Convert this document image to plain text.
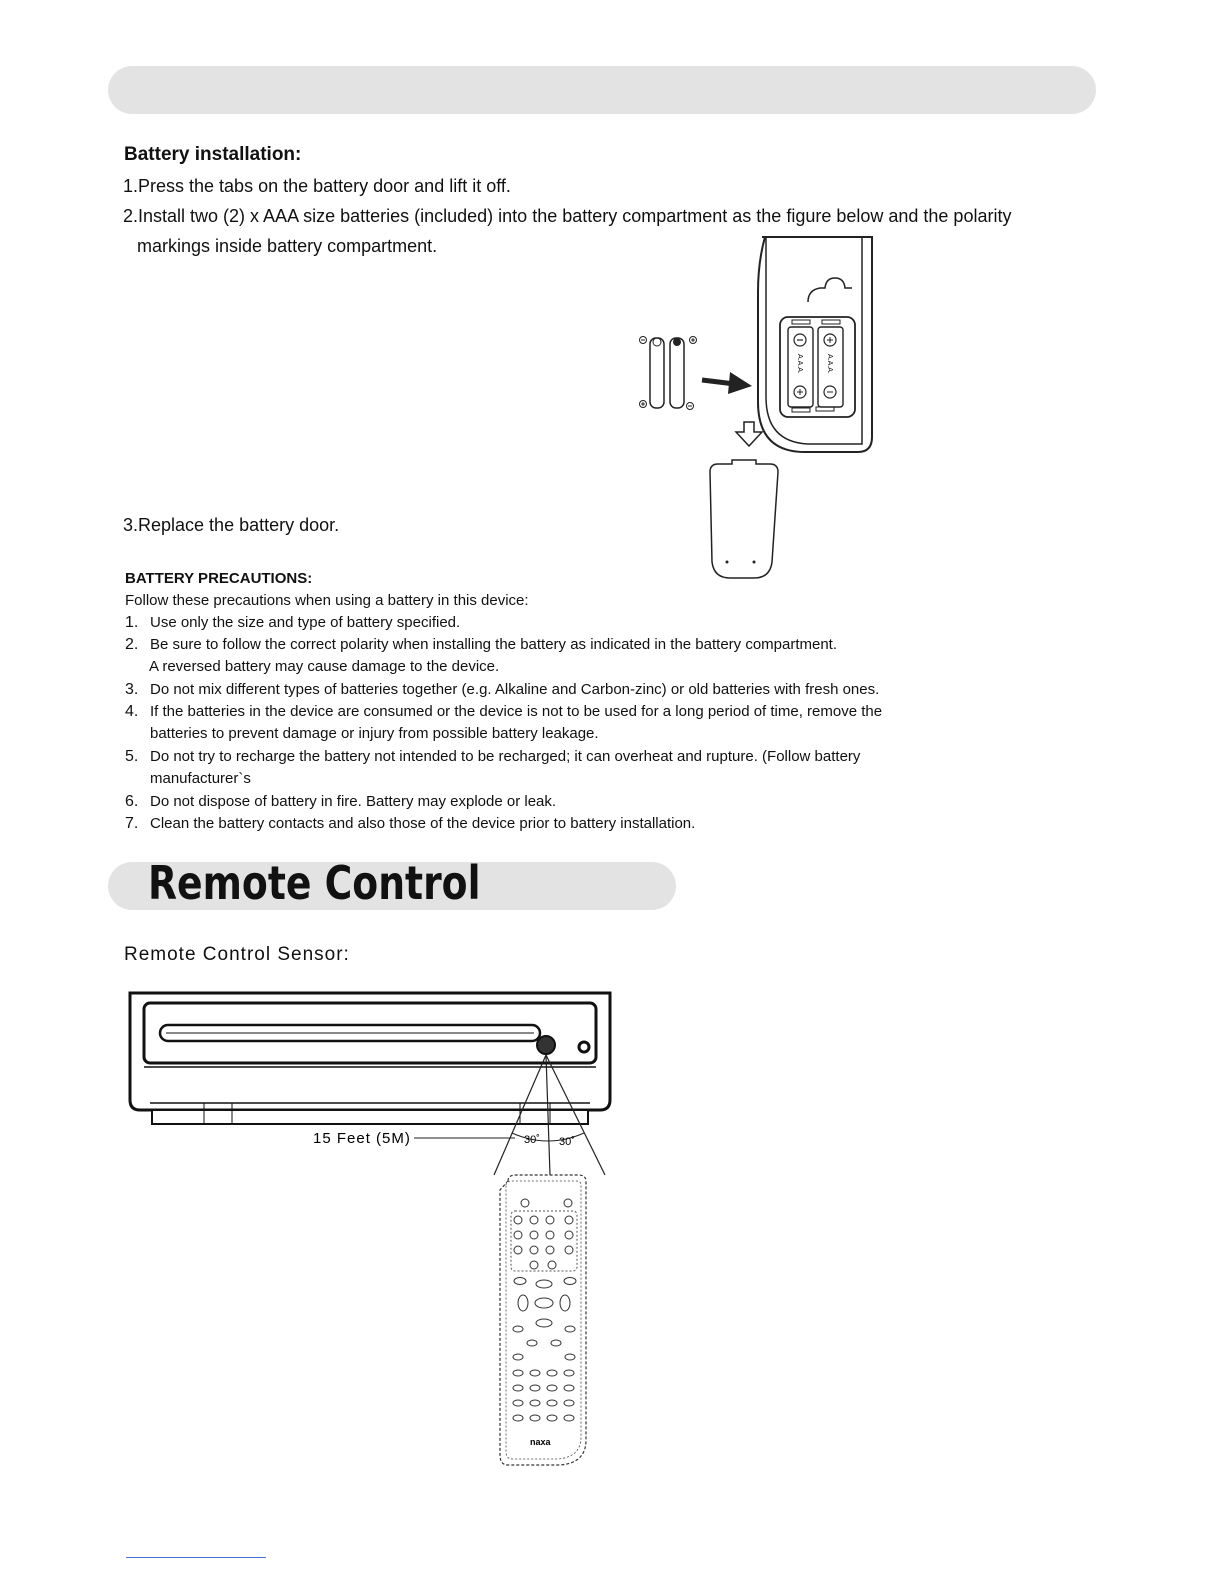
Battery installation:
1.Press the tabs on the battery door and lift it off.
2.Install two (2) x AAA size batteries (included) into the battery compartment as the figure below and the polarity
markings inside battery compartment.
3.Replace the battery door.
A.A.A.	A.A.A.
BATTERY PRECAUTIONS:
Follow these precautions when using a battery in this device:
1. Use only the size and type of battery specified.
2. Be sure to follow the correct polarity when installing the battery as indicated in the battery compartment.
A reversed battery may cause damage to the device.
3. Do not mix different types of batteries together (e.g. Alkaline and Carbon-zinc) or old batteries with fresh ones.
4. If the batteries in the device are consumed or the device is not to be used for a long period of time, remove the
batteries to prevent damage or injury from possible battery leakage.
5. Do not try to recharge the battery not intended to be recharged; it can overheat and rupture. (Follow battery
manufacturer`s
6. Do not dispose of battery in fire. Battery may explode or leak.
7. Clean the battery contacts and also those of the device prior to battery installation.
Remote Control
Remote Control Sensor:
15 Feet (5M)	30˚ 30˚
naxa
